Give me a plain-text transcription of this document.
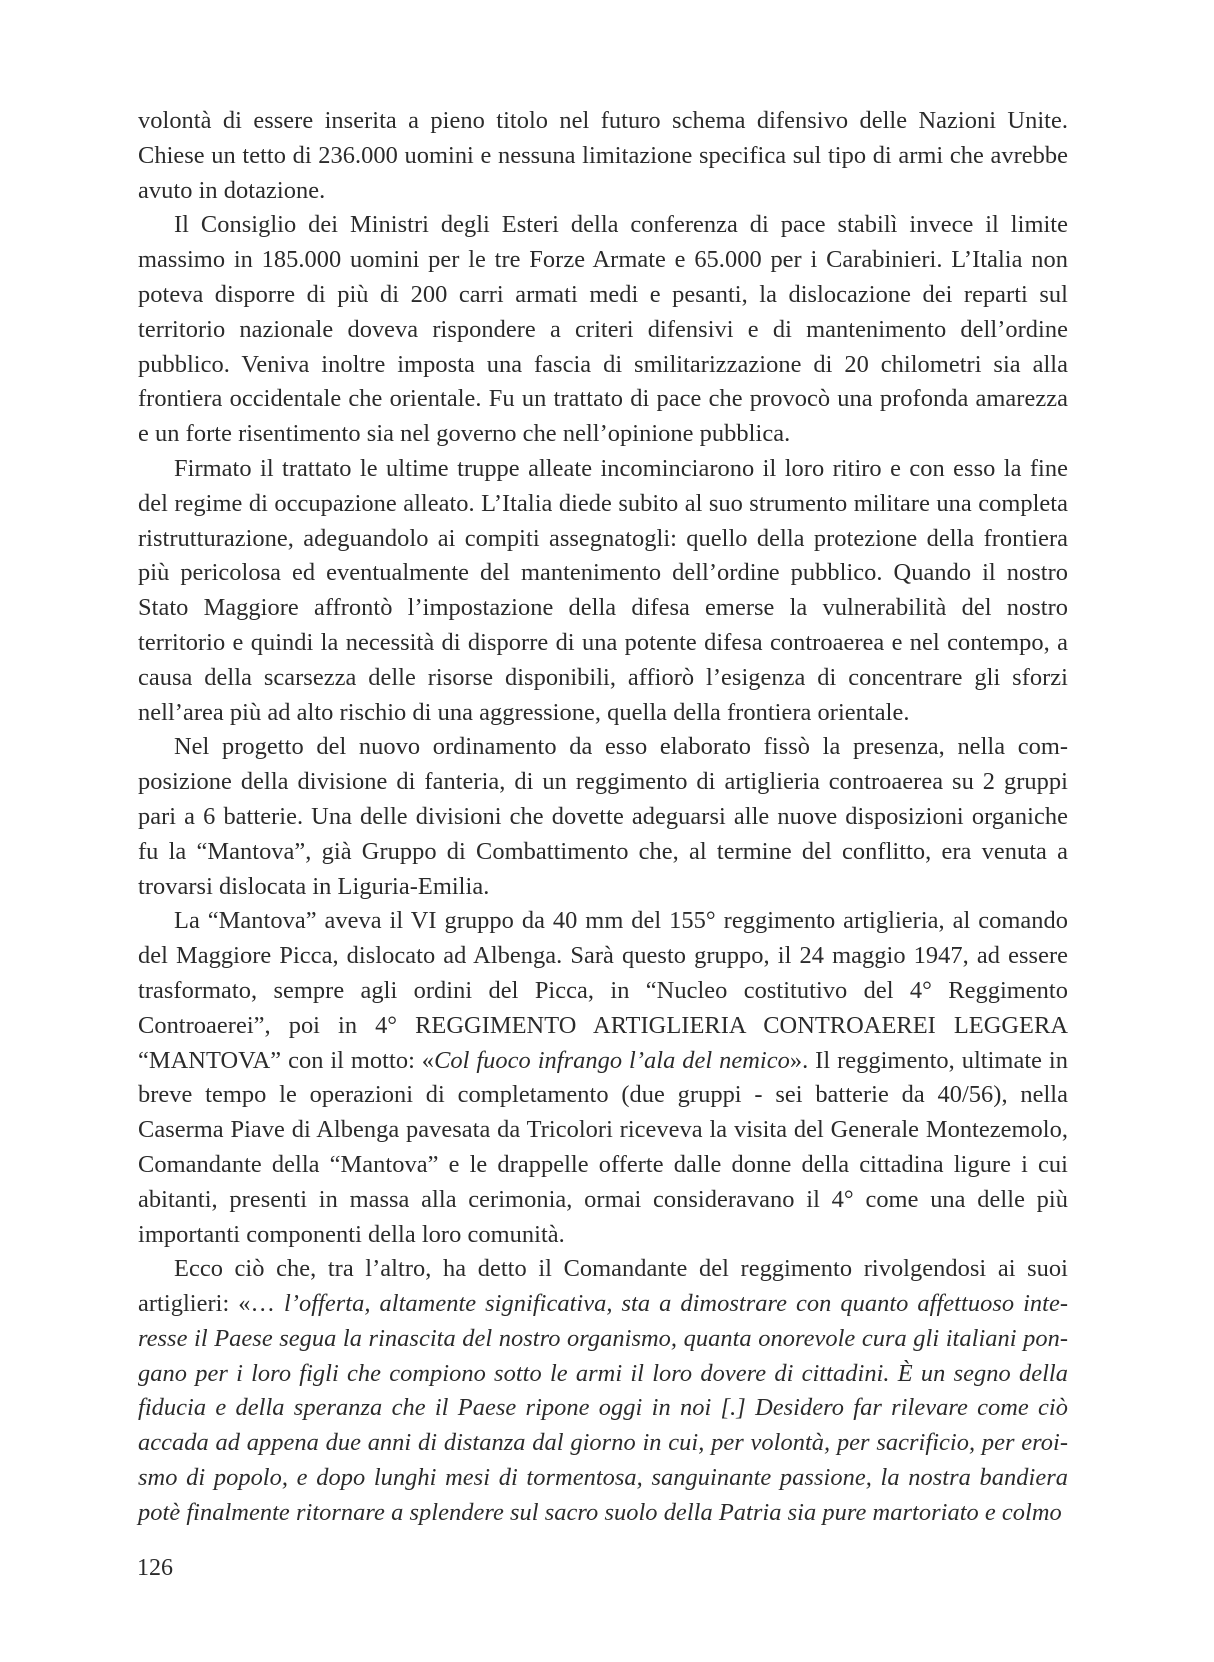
volontà di essere inserita a pieno titolo nel futuro schema difensivo delle Nazioni Unite. Chiese un tetto di 236.000 uomini e nessuna limitazione specifica sul tipo di armi che avrebbe avuto in dotazione.

Il Consiglio dei Ministri degli Esteri della conferenza di pace stabilì invece il limite massimo in 185.000 uomini per le tre Forze Armate e 65.000 per i Carabinieri. L’Italia non poteva disporre di più di 200 carri armati medi e pesanti, la dislocazione dei reparti sul territorio nazionale doveva rispondere a criteri difensivi e di mantenimento dell’ordine pubblico. Veniva inoltre imposta una fascia di smilitarizzazione di 20 chilometri sia alla frontiera occidentale che orientale. Fu un trattato di pace che provocò una profonda amarezza e un forte risentimento sia nel governo che nell’opinione pubblica.

Firmato il trattato le ultime truppe alleate incominciarono il loro ritiro e con esso la fine del regime di occupazione alleato. L’Italia diede subito al suo strumento militare una completa ristrutturazione, adeguandolo ai compiti assegnatogli: quello della protezione della frontiera più pericolosa ed eventualmente del mantenimento dell’ordine pubblico. Quando il nostro Stato Maggiore affrontò l’impostazione della difesa emerse la vulnerabilità del nostro territorio e quindi la necessità di disporre di una potente difesa controaerea e nel contempo, a causa della scarsezza delle risorse disponibili, affiorò l’esigenza di concentrare gli sforzi nell’area più ad alto rischio di una aggressione, quella della frontiera orientale.

Nel progetto del nuovo ordinamento da esso elaborato fissò la presenza, nella composizione della divisione di fanteria, di un reggimento di artiglieria controaerea su 2 gruppi pari a 6 batterie. Una delle divisioni che dovette adeguarsi alle nuove disposizioni organiche fu la “Mantova”, già Gruppo di Combattimento che, al termine del conflitto, era venuta a trovarsi dislocata in Liguria-Emilia.

La “Mantova” aveva il VI gruppo da 40 mm del 155° reggimento artiglieria, al comando del Maggiore Picca, dislocato ad Albenga. Sarà questo gruppo, il 24 maggio 1947, ad essere trasformato, sempre agli ordini del Picca, in “Nucleo costitutivo del 4° Reggimento Controaerei”, poi in 4° REGGIMENTO ARTIGLIERIA CONTROAEREI LEGGERA “MANTOVA” con il motto: «Col fuoco infrango l’ala del nemico». Il reggimento, ultimate in breve tempo le operazioni di completamento (due gruppi - sei batterie da 40/56), nella Caserma Piave di Albenga pavesata da Tricolori riceveva la visita del Generale Montezemolo, Comandante della “Mantova” e le drappelle offerte dalle donne della cittadina ligure i cui abitanti, presenti in massa alla cerimonia, ormai consideravano il 4° come una delle più importanti componenti della loro comunità.

Ecco ciò che, tra l’altro, ha detto il Comandante del reggimento rivolgendosi ai suoi artiglieri: «… l’offerta, altamente significativa, sta a dimostrare con quanto affettuoso interesse il Paese segua la rinascita del nostro organismo, quanta onorevole cura gli italiani pongano per i loro figli che compiono sotto le armi il loro dovere di cittadini. È un segno della fiducia e della speranza che il Paese ripone oggi in noi [.] Desidero far rilevare come ciò accada ad appena due anni di distanza dal giorno in cui, per volontà, per sacrificio, per eroismo di popolo, e dopo lunghi mesi di tormentosa, sanguinante passione, la nostra bandiera potè finalmente ritornare a splendere sul sacro suolo della Patria sia pure martoriato e colmo

126
